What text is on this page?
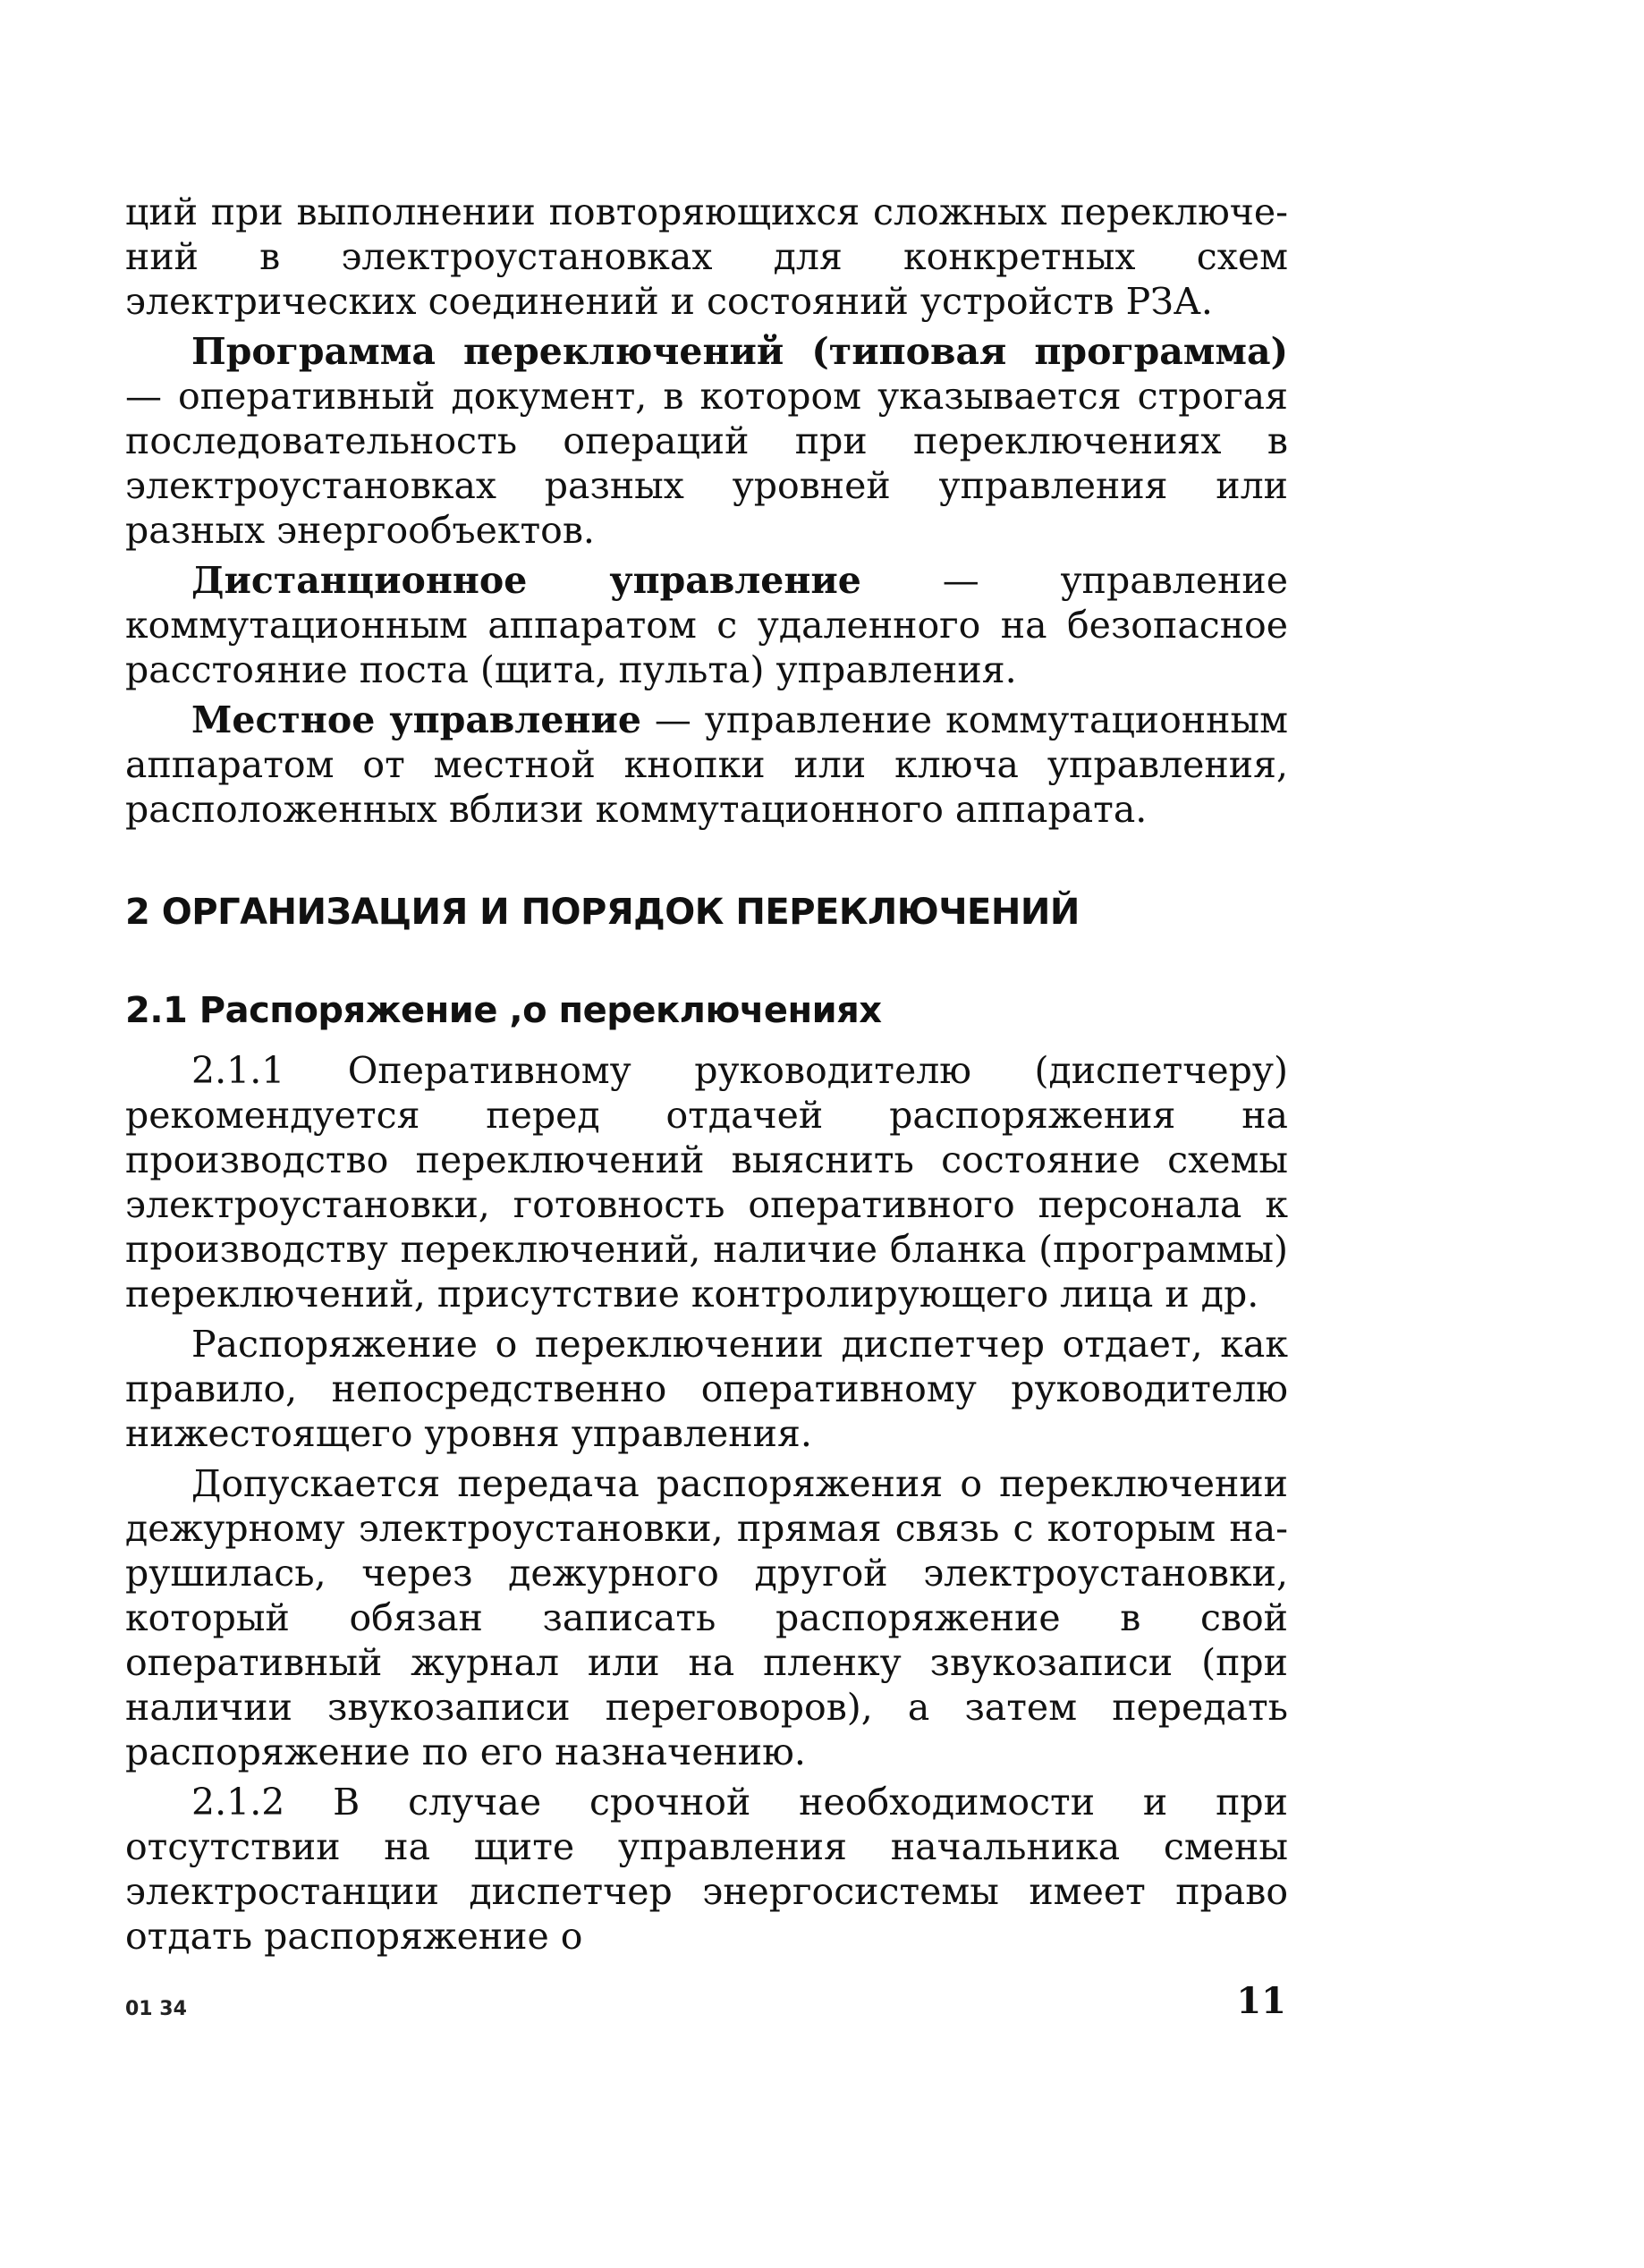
ций при выполнении повторяющихся сложных переключений в электроустановках для конкретных схем электрических соединений и состояний устройств РЗА.

Программа переключений (типовая программа) — оперативный документ, в котором указывается строгая последовательность операций при переключениях в электроустановках разных уровней управления или разных энергообъектов.

Дистанционное управление — управление коммутационным аппаратом с удаленного на безопасное расстояние поста (щита, пульта) управления.

Местное управление — управление коммутационным аппаратом от местной кнопки или ключа управления, расположенных вблизи коммутационного аппарата.

2 ОРГАНИЗАЦИЯ И ПОРЯДОК ПЕРЕКЛЮЧЕНИЙ
2.1 Распоряжение ,о переключениях

2.1.1 Оперативному руководителю (диспетчеру) рекомендуется перед отдачей распоряжения на производство переключений выяснить состояние схемы электроустановки, готовность оперативного персонала к производству переключений, наличие бланка (программы) переключений, присутствие контролирующего лица и др.

Распоряжение о переключении диспетчер отдает, как правило, непосредственно оперативному руководителю нижестоящего уровня управления.

Допускается передача распоряжения о переключении дежурному электроустановки, прямая связь с которым нарушилась, через дежурного другой электроустановки, который обязан записать распоряжение в свой оперативный журнал или на пленку звукозаписи (при наличии звукозаписи переговоров), а затем передать распоряжение по его назначению.

2.1.2 В случае срочной необходимости и при отсутствии на щите управления начальника смены электростанции диспетчер энергосистемы имеет право отдать распоряжение о

01 34	11
